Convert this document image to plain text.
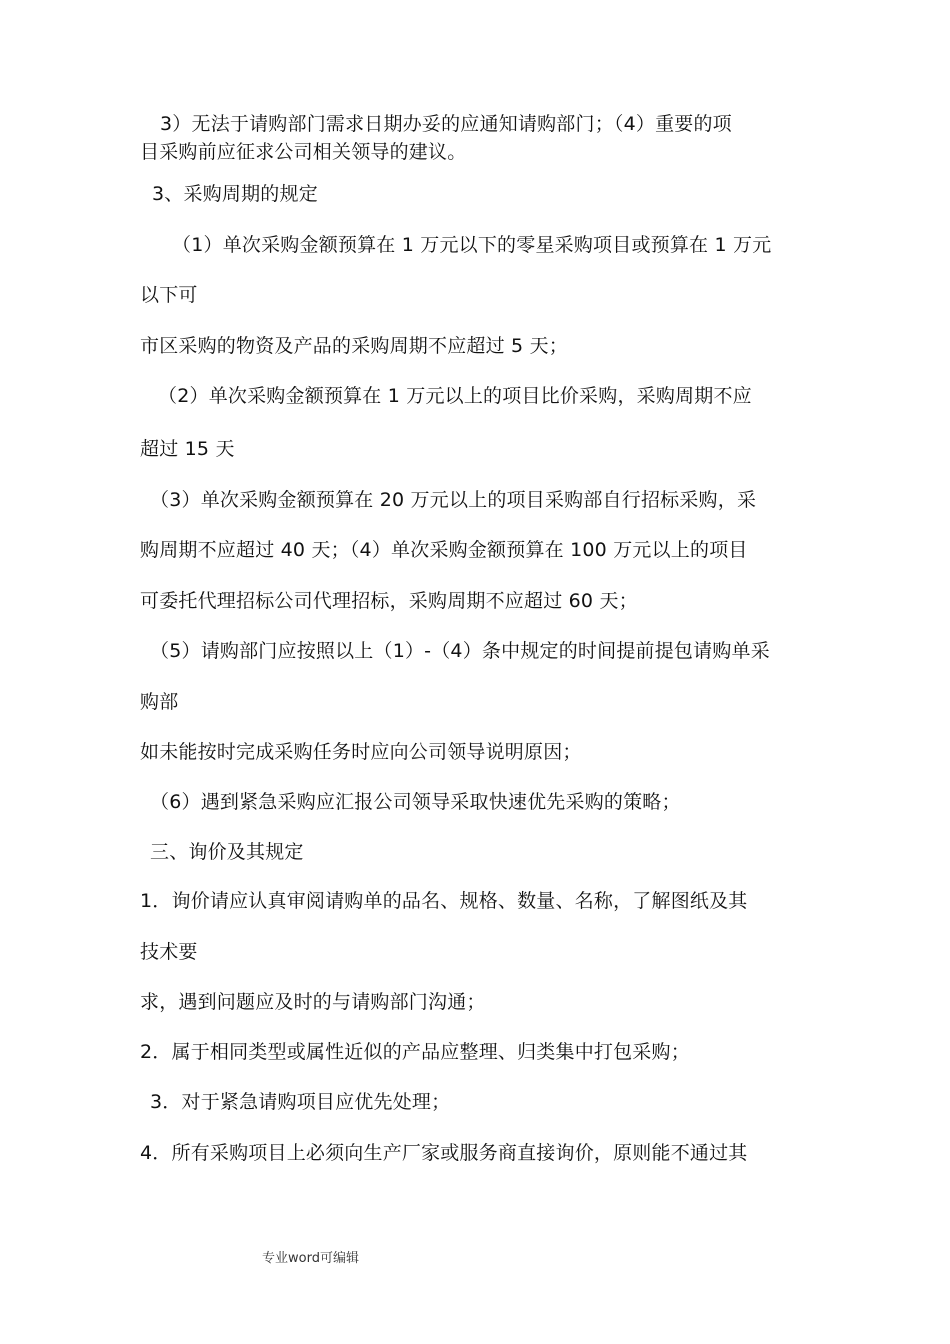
3）无法于请购部门需求日期办妥的应通知请购部门；（4）重要的项
目采购前应征求公司相关领导的建议。
3、采购周期的规定
（1）单次采购金额预算在 1 万元以下的零星采购项目或预算在 1 万元
以下可
市区采购的物资及产品的采购周期不应超过 5 天；
（2）单次采购金额预算在 1 万元以上的项目比价采购，采购周期不应
超过 15 天
（3）单次采购金额预算在 20 万元以上的项目采购部自行招标采购，采
购周期不应超过 40 天；（4）单次采购金额预算在 100 万元以上的项目
可委托代理招标公司代理招标，采购周期不应超过 60 天；
（5）请购部门应按照以上（1）-（4）条中规定的时间提前提包请购单采
购部
如未能按时完成采购任务时应向公司领导说明原因；
（6）遇到紧急采购应汇报公司领导采取快速优先采购的策略；
三、询价及其规定
1．询价请应认真审阅请购单的品名、规格、数量、名称，了解图纸及其
技术要
求，遇到问题应及时的与请购部门沟通；
2．属于相同类型或属性近似的产品应整理、归类集中打包采购；
3．对于紧急请购项目应优先处理；
4．所有采购项目上必须向生产厂家或服务商直接询价，原则能不通过其
专业word可编辑
